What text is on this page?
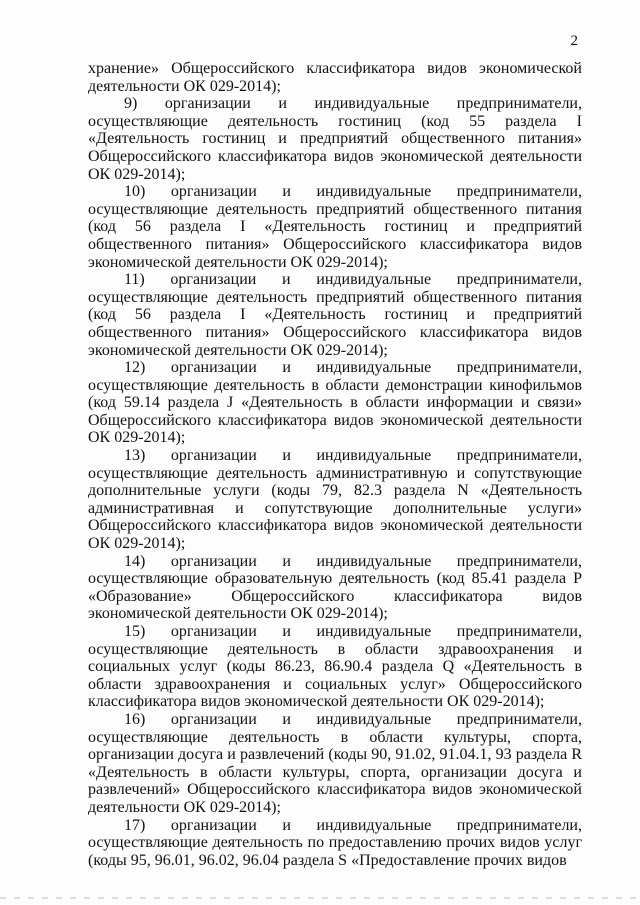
2

хранение» Общероссийского классификатора видов экономической деятельности ОК 029-2014);

9) организации и индивидуальные предприниматели, осуществляющие деятельность гостиниц (код 55 раздела I «Деятельность гостиниц и предприятий общественного питания» Общероссийского классификатора видов экономической деятельности ОК 029-2014);

10) организации и индивидуальные предприниматели, осуществляющие деятельность предприятий общественного питания (код 56 раздела I «Деятельность гостиниц и предприятий общественного питания» Общероссийского классификатора видов экономической деятельности ОК 029-2014);

11) организации и индивидуальные предприниматели, осуществляющие деятельность предприятий общественного питания (код 56 раздела I «Деятельность гостиниц и предприятий общественного питания» Общероссийского классификатора видов экономической деятельности ОК 029-2014);

12) организации и индивидуальные предприниматели, осуществляющие деятельность в области демонстрации кинофильмов (код 59.14 раздела J «Деятельность в области информации и связи» Общероссийского классификатора видов экономической деятельности ОК 029-2014);

13) организации и индивидуальные предприниматели, осуществляющие деятельность административную и сопутствующие дополнительные услуги (коды 79, 82.3 раздела N «Деятельность административная и сопутствующие дополнительные услуги» Общероссийского классификатора видов экономической деятельности ОК 029-2014);

14) организации и индивидуальные предприниматели, осуществляющие образовательную деятельность (код 85.41 раздела P «Образование» Общероссийского классификатора видов экономической деятельности ОК 029-2014);

15) организации и индивидуальные предприниматели, осуществляющие деятельность в области здравоохранения и социальных услуг (коды 86.23, 86.90.4 раздела Q «Деятельность в области здравоохранения и социальных услуг» Общероссийского классификатора видов экономической деятельности ОК 029-2014);

16) организации и индивидуальные предприниматели, осуществляющие деятельность в области культуры, спорта, организации досуга и развлечений (коды 90, 91.02, 91.04.1, 93 раздела R «Деятельность в области культуры, спорта, организации досуга и развлечений» Общероссийского классификатора видов экономической деятельности ОК 029-2014);

17) организации и индивидуальные предприниматели, осуществляющие деятельность по предоставлению прочих видов услуг (коды 95, 96.01, 96.02, 96.04 раздела S «Предоставление прочих видов
